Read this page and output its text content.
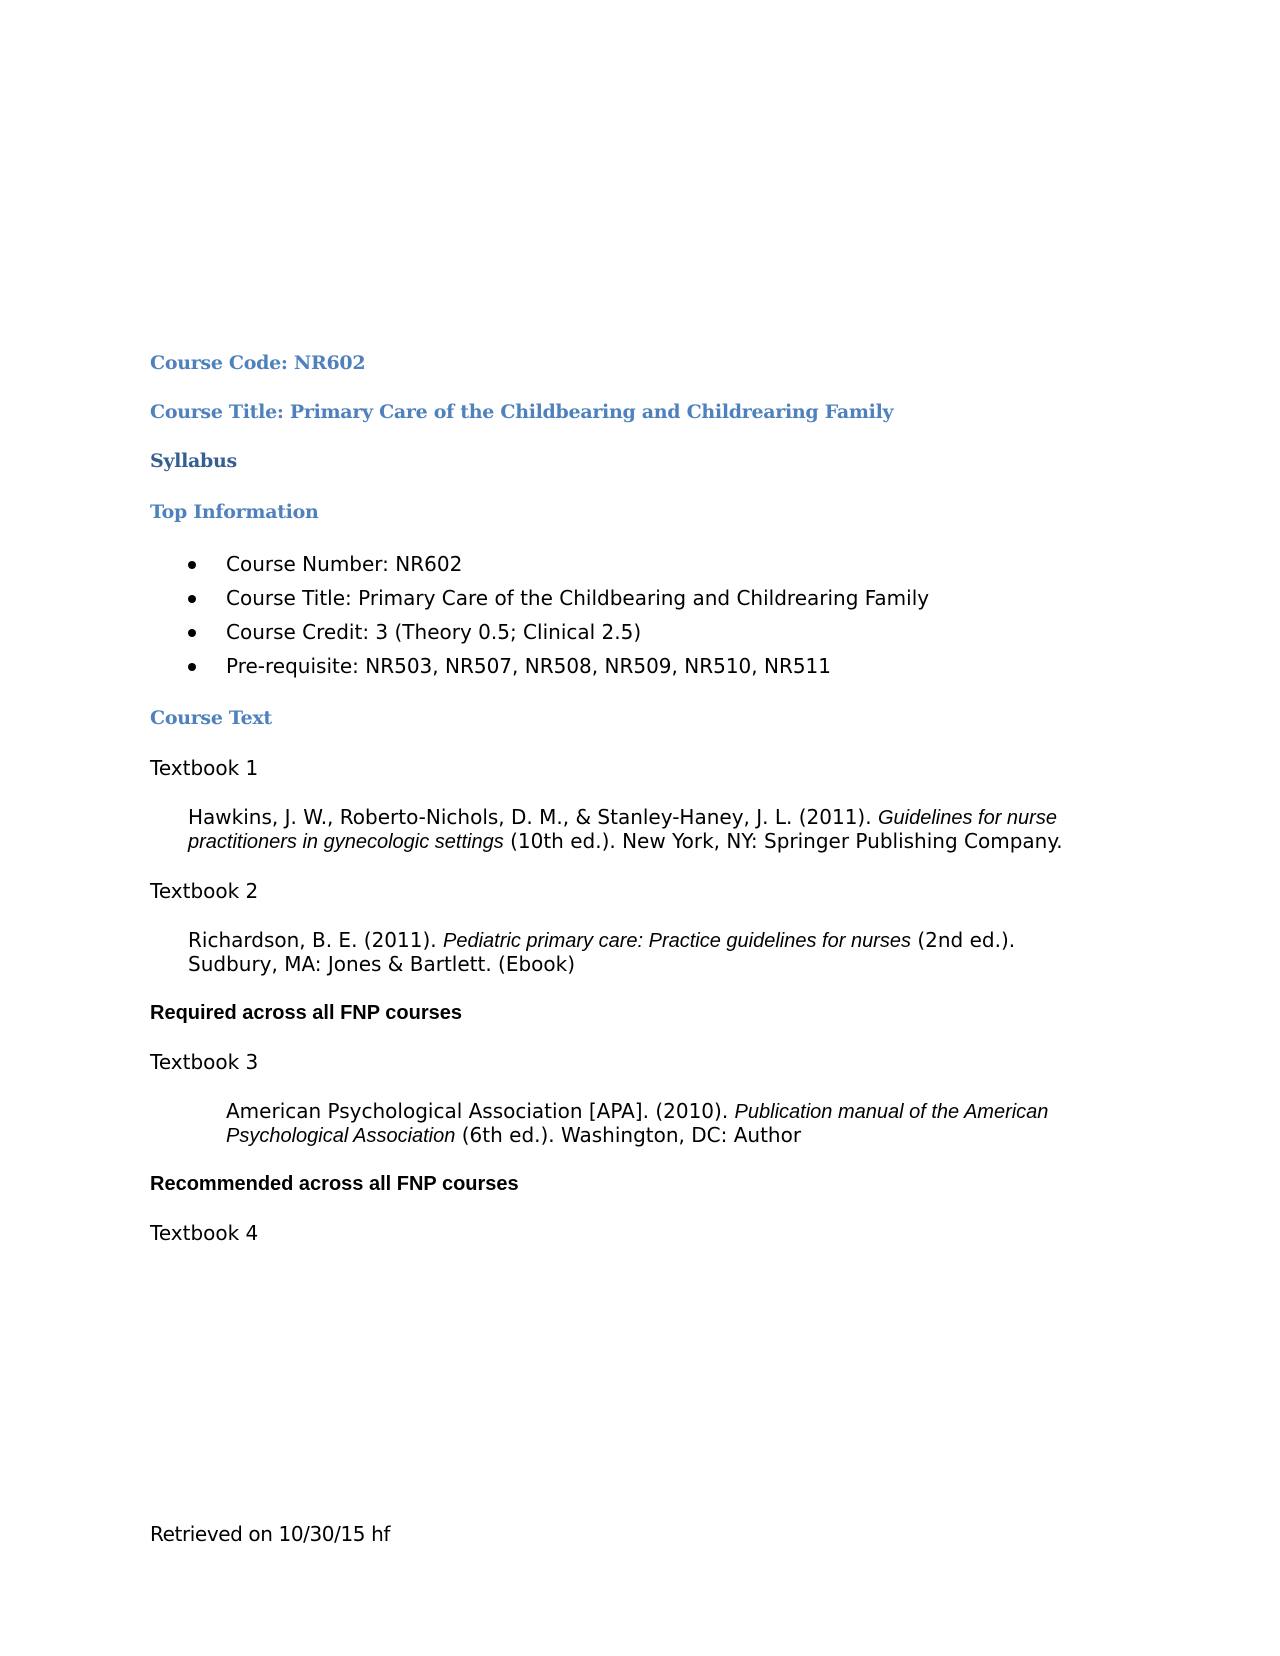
Course Code: NR602
Course Title: Primary Care of the Childbearing and Childrearing Family
Syllabus
Top Information
Course Number: NR602
Course Title: Primary Care of the Childbearing and Childrearing Family
Course Credit: 3 (Theory 0.5; Clinical 2.5)
Pre-requisite: NR503, NR507, NR508, NR509, NR510, NR511
Course Text
Textbook 1
Hawkins, J. W., Roberto-Nichols, D. M., & Stanley-Haney, J. L. (2011). Guidelines for nurse
practitioners in gynecologic settings (10th ed.). New York, NY: Springer Publishing Company.
Textbook 2
Richardson, B. E. (2011). Pediatric primary care: Practice guidelines for nurses (2nd ed.).
Sudbury, MA: Jones & Bartlett. (Ebook)
Required across all FNP courses
Textbook 3
American Psychological Association [APA]. (2010). Publication manual of the American
Psychological Association (6th ed.). Washington, DC: Author
Recommended across all FNP courses
Textbook 4
Retrieved on 10/30/15 hf
